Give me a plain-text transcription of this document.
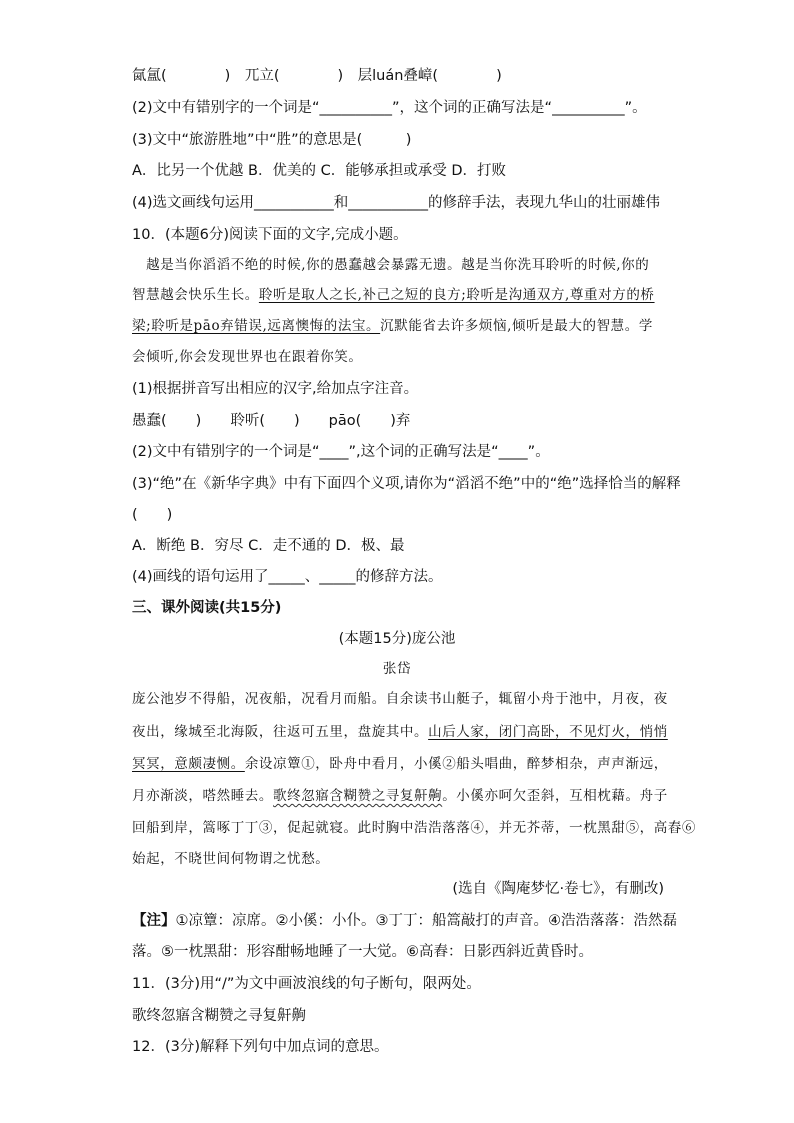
氤氲(　　　　)　兀立(　　　　)　层luán叠嶂(　　　　)
(2)文中有错别字的一个词是“__________”，这个词的正确写法是“__________”。
(3)文中“旅游胜地”中“胜”的意思是(　　　)
A．比另一个优越 B．优美的 C．能够承担或承受 D．打败
(4)选文画线句运用___________和___________的修辞手法，表现九华山的壮丽雄伟
10．(本题6分)阅读下面的文字,完成小题。
　越是当你滔滔不绝的时候,你的愚蠢越会暴露无遗。越是当你洗耳聆听的时候,你的
智慧越会快乐生长。聆听是取人之长,补己之短的良方;聆听是沟通双方,尊重对方的桥
梁;聆听是pāo弃错误,远离懊悔的法宝。沉默能省去许多烦恼,倾听是最大的智慧。学
会倾听,你会发现世界也在跟着你笑。
(1)根据拼音写出相应的汉字,给加点字注音。
愚蠢(　　)　　聆听(　　)　　pāo(　　)弃
(2)文中有错别字的一个词是“____”,这个词的正确写法是“____”。
(3)“绝”在《新华字典》中有下面四个义项,请你为“滔滔不绝”中的“绝”选择恰当的解释
(　　)
A．断绝 B．穷尽 C．走不通的 D．极、最
(4)画线的语句运用了_____、_____的修辞方法。
三、课外阅读(共15分)
(本题15分)庞公池
张岱
庞公池岁不得船，况夜船，况看月而船。自余读书山艇子，辄留小舟于池中，月夜，夜
夜出，缘城至北海阪，往返可五里，盘旋其中。山后人家，闭门高卧，不见灯火，悄悄
冥冥，意颇凄恻。余设凉簟①，卧舟中看月，小傒②船头唱曲，醉梦相杂，声声渐远，
月亦渐淡，嗒然睡去。歌终忽寤含糊赞之寻复鼾齁。小傒亦呵欠歪斜，互相枕藉。舟子
回船到岸，篙啄丁丁③，促起就寝。此时胸中浩浩落落④，并无芥蒂，一枕黑甜⑤，高舂⑥
始起，不晓世间何物谓之忧愁。
(选自《陶庵梦忆·卷七》，有删改)
【注】①凉簟：凉席。②小傒：小仆。③丁丁：船篙敲打的声音。④浩浩落落：浩然磊
落。⑤一枕黑甜：形容酣畅地睡了一大觉。⑥高舂：日影西斜近黄昏时。
11．(3分)用“/”为文中画波浪线的句子断句，限两处。
歌终忽寤含糊赞之寻复鼾齁
12．(3分)解释下列句中加点词的意思。
